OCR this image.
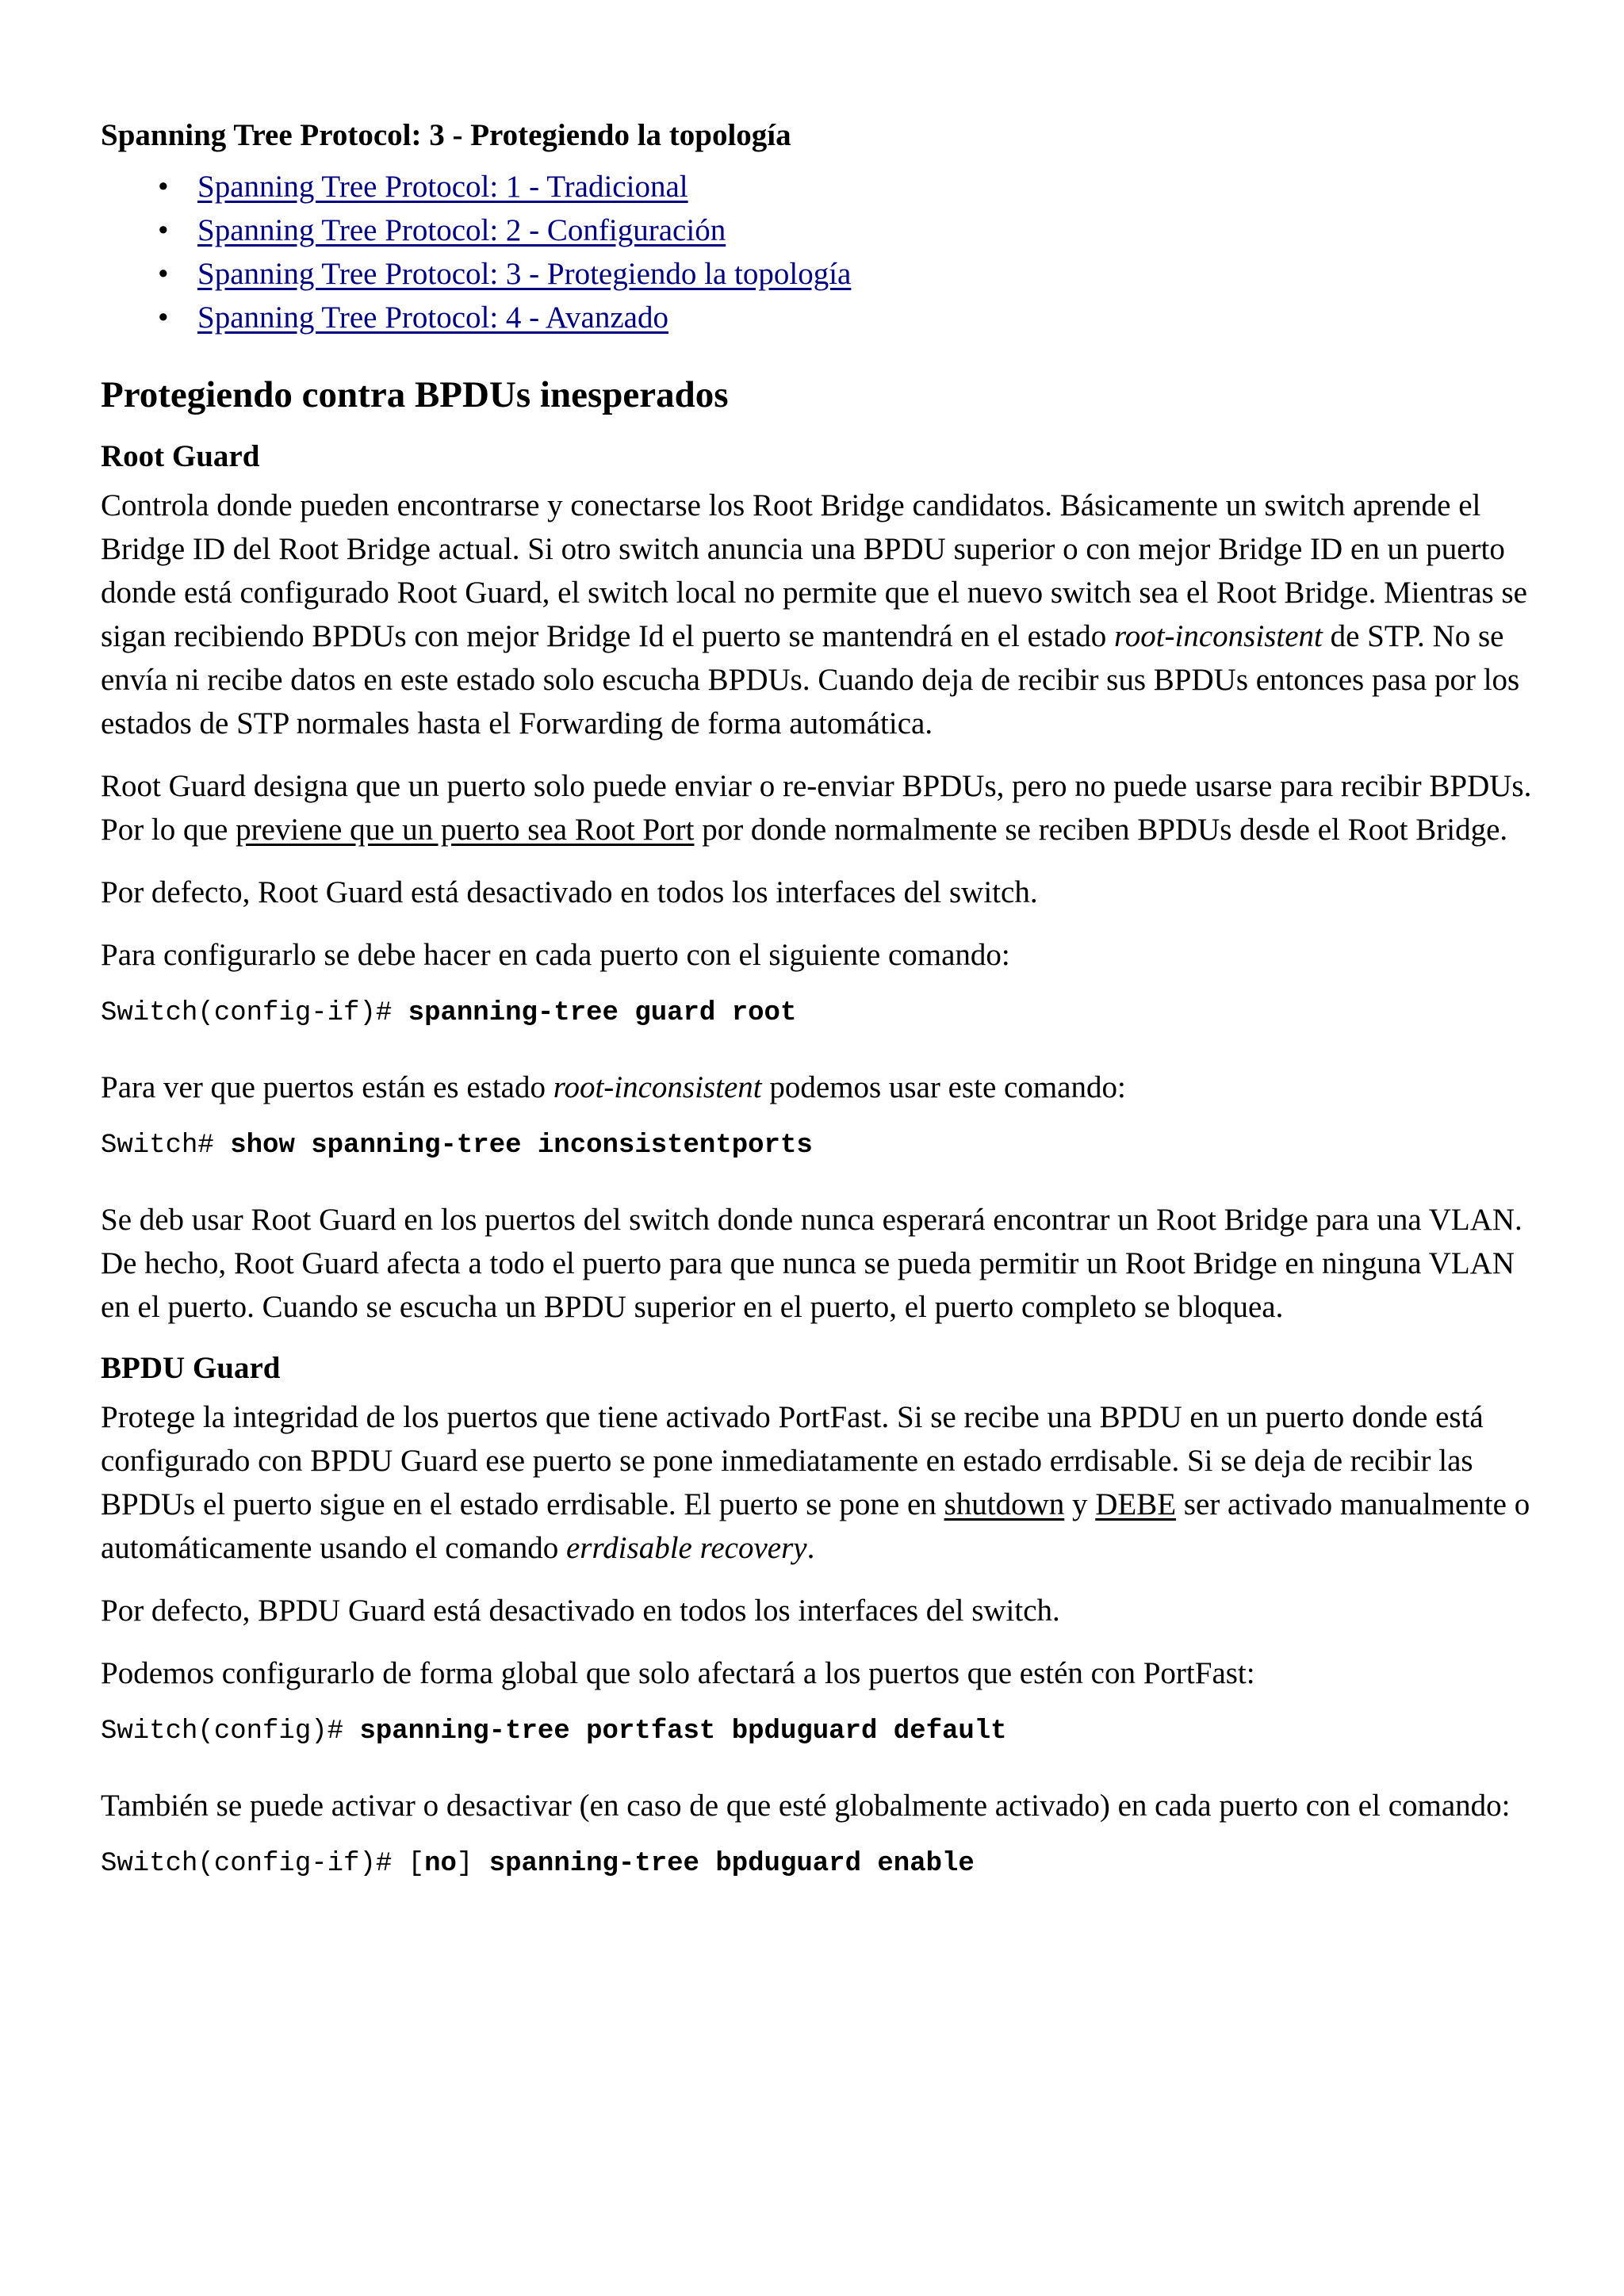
Spanning Tree Protocol: 3 - Protegiendo la topología
• Spanning Tree Protocol: 1 - Tradicional
• Spanning Tree Protocol: 2 - Configuración
• Spanning Tree Protocol: 3 - Protegiendo la topología
• Spanning Tree Protocol: 4 - Avanzado
Protegiendo contra BPDUs inesperados
Root Guard

Controla donde pueden encontrarse y conectarse los Root Bridge candidatos. Básicamente un switch aprende el Bridge ID del Root Bridge actual. Si otro switch anuncia una BPDU superior o con mejor Bridge ID en un puerto donde está configurado Root Guard, el switch local no permite que el nuevo switch sea el Root Bridge. Mientras se sigan recibiendo BPDUs con mejor Bridge Id el puerto se mantendrá en el estado root-inconsistent de STP. No se envía ni recibe datos en este estado solo escucha BPDUs. Cuando deja de recibir sus BPDUs entonces pasa por los estados de STP normales hasta el Forwarding de forma automática.

Root Guard designa que un puerto solo puede enviar o re-enviar BPDUs, pero no puede usarse para recibir BPDUs. Por lo que previene que un puerto sea Root Port por donde normalmente se reciben BPDUs desde el Root Bridge.

Por defecto, Root Guard está desactivado en todos los interfaces del switch.

Para configurarlo se debe hacer en cada puerto con el siguiente comando:

Switch(config-if)# spanning-tree guard root

Para ver que puertos están es estado root-inconsistent podemos usar este comando:

Switch# show spanning-tree inconsistentports

Se deb usar Root Guard en los puertos del switch donde nunca esperará encontrar un Root Bridge para una VLAN. De hecho, Root Guard afecta a todo el puerto para que nunca se pueda permitir un Root Bridge en ninguna VLAN en el puerto. Cuando se escucha un BPDU superior en el puerto, el puerto completo se bloquea.

BPDU Guard

Protege la integridad de los puertos que tiene activado PortFast. Si se recibe una BPDU en un puerto donde está configurado con BPDU Guard ese puerto se pone inmediatamente en estado errdisable. Si se deja de recibir las BPDUs el puerto sigue en el estado errdisable. El puerto se pone en shutdown y DEBE ser activado manualmente o automáticamente usando el comando errdisable recovery.

Por defecto, BPDU Guard está desactivado en todos los interfaces del switch.

Podemos configurarlo de forma global que solo afectará a los puertos que estén con PortFast:

Switch(config)# spanning-tree portfast bpduguard default

También se puede activar o desactivar (en caso de que esté globalmente activado) en cada puerto con el comando:

Switch(config-if)# [no] spanning-tree bpduguard enable
